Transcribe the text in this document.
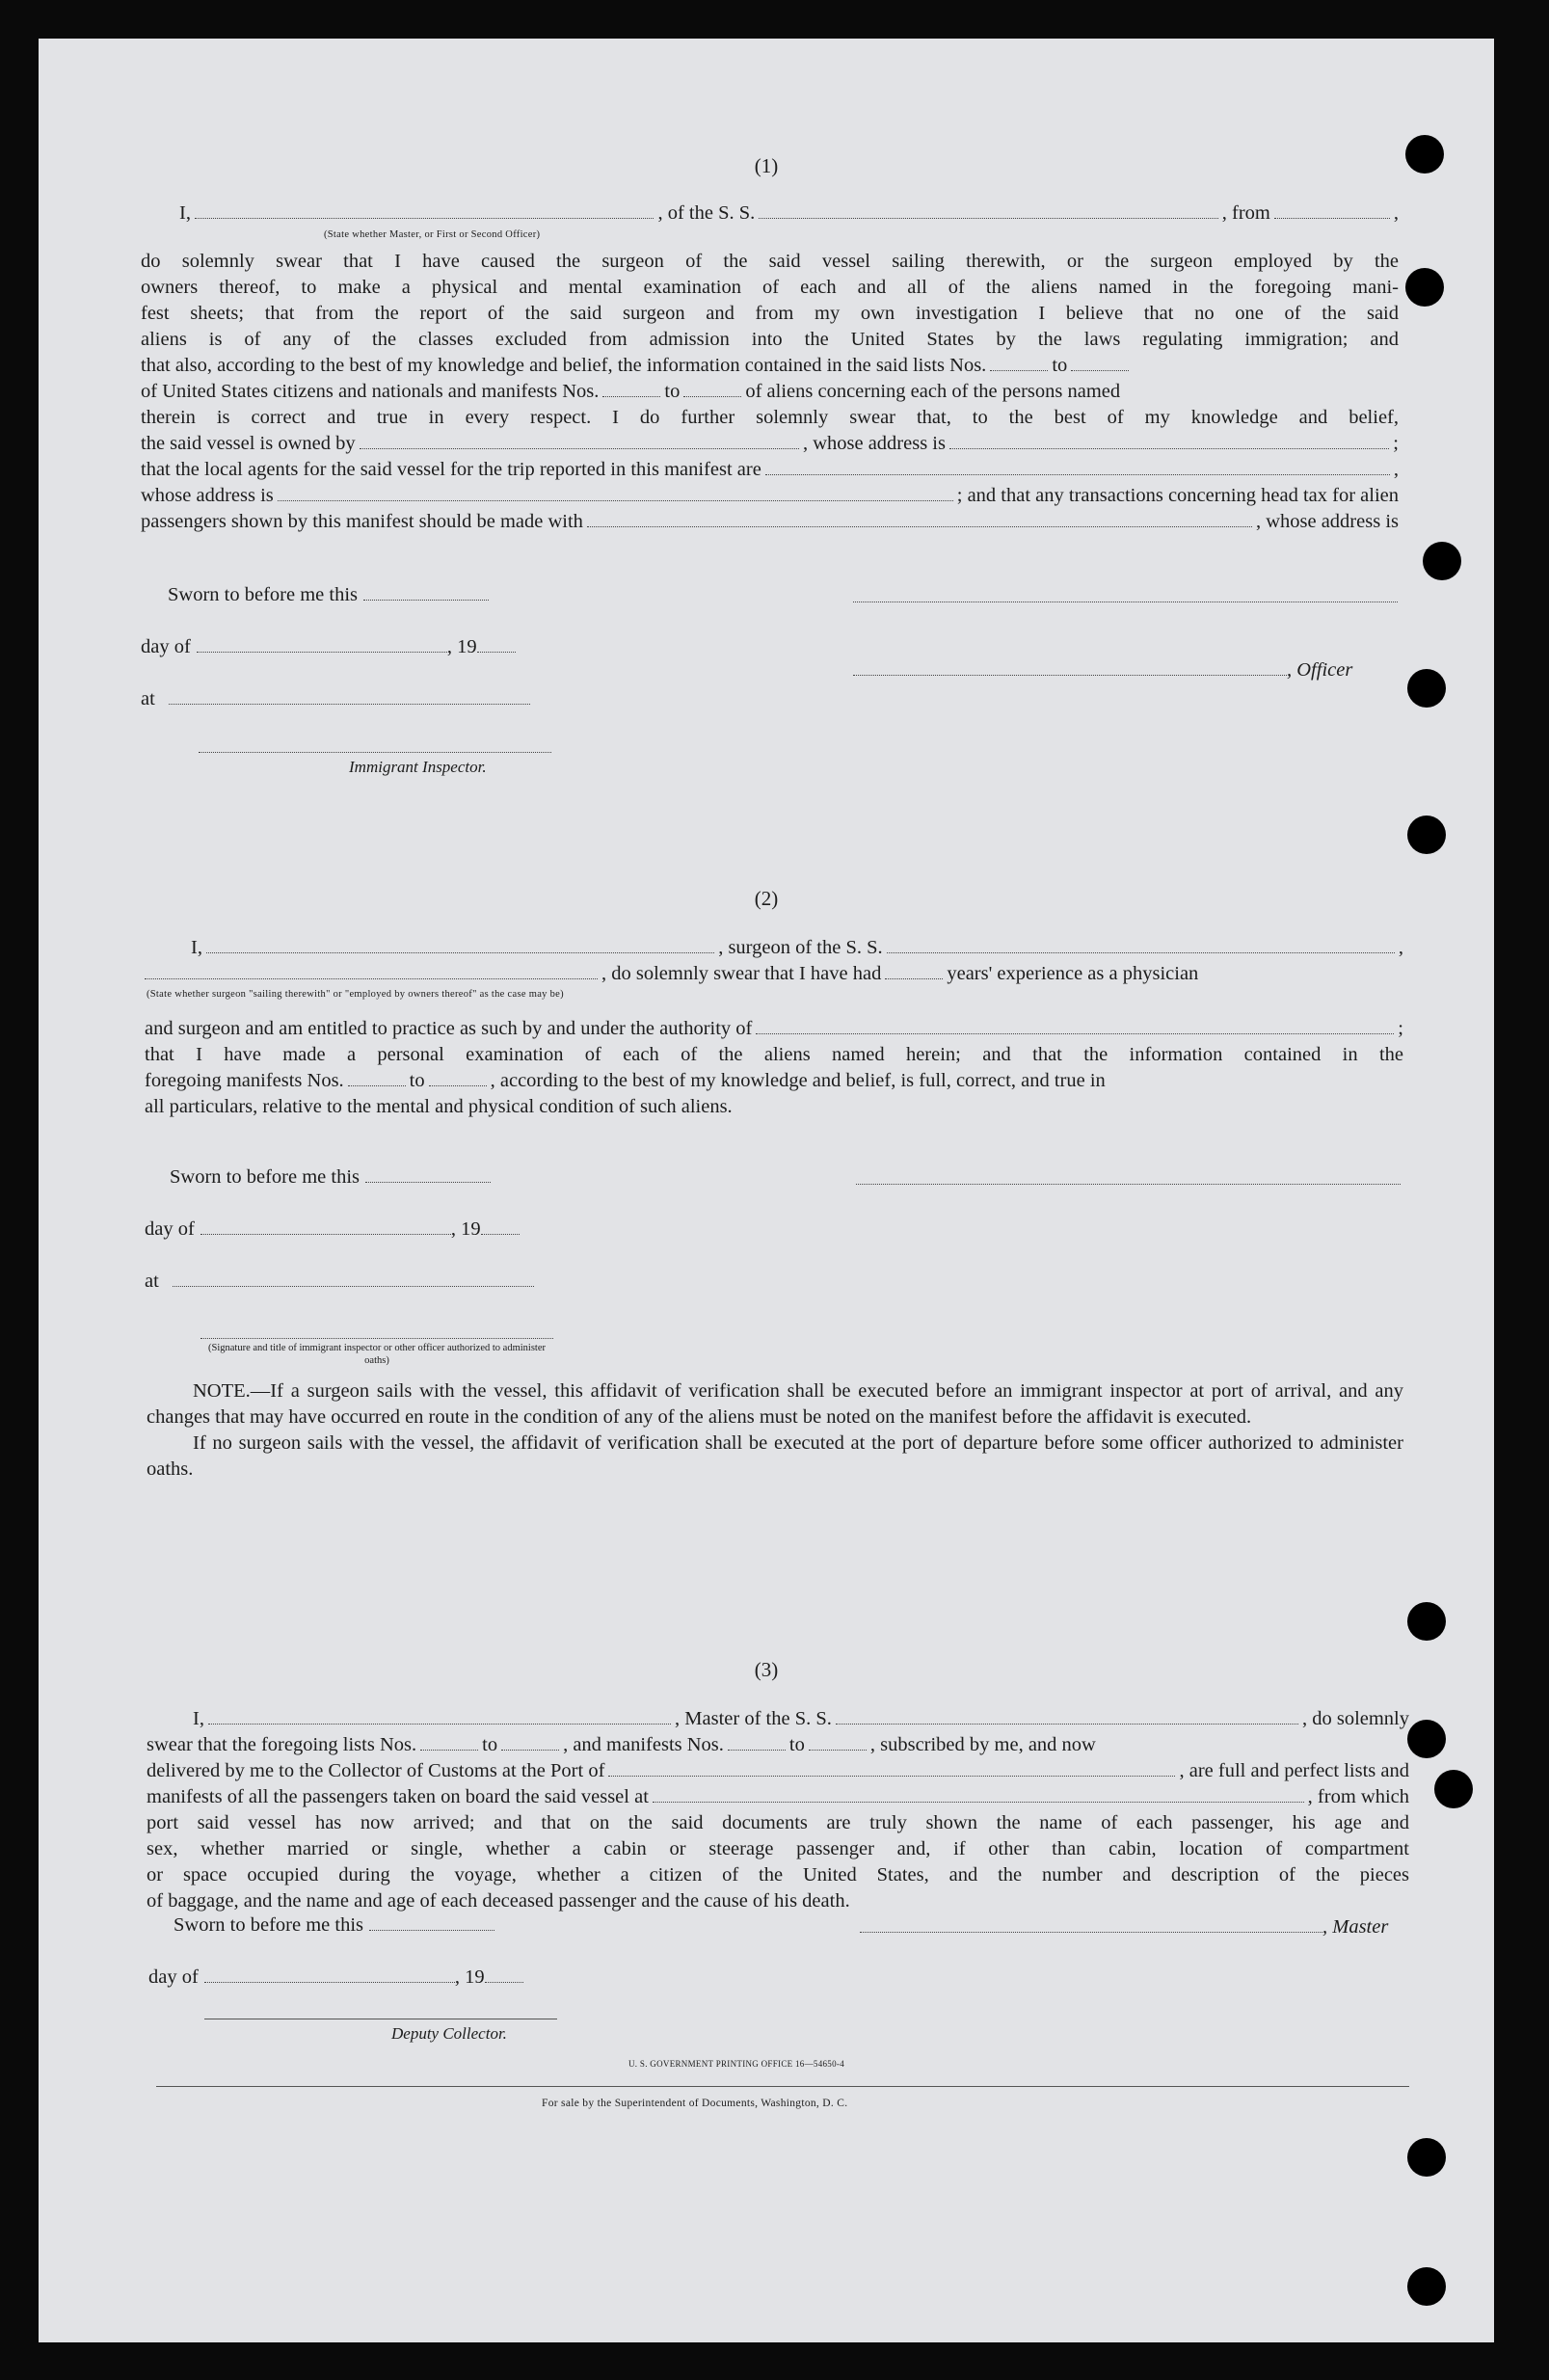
(1)
I,	, of the S. S.	, from	,
(State whether Master, or First or Second Officer)
do solemnly swear that I have caused the surgeon of the said vessel sailing therewith, or the surgeon employed by the
owners thereof, to make a physical and mental examination of each and all of the aliens named in the foregoing mani-
fest sheets; that from the report of the said surgeon and from my own investigation I believe that no one of the said
aliens is of any of the classes excluded from admission into the United States by the laws regulating immigration; and
that also, according to the best of my knowledge and belief, the information contained in the said lists Nos.	to
of United States citizens and nationals and manifests Nos.	to	of aliens concerning each of the persons named
therein is correct and true in every respect. I do further solemnly swear that, to the best of my knowledge and belief,
the said vessel is owned by	, whose address is	;
that the local agents for the said vessel for the trip reported in this manifest are	,
whose address is	; and that any transactions concerning head tax for alien
passengers shown by this manifest should be made with	, whose address is
Sworn to before me this
day of	, 19
, Officer
at
Immigrant Inspector.
(2)
I,	, surgeon of the S. S.	,
, do solemnly swear that I have had	years' experience as a physician
(State whether surgeon "sailing therewith" or "employed by owners thereof" as the case may be)
and surgeon and am entitled to practice as such by and under the authority of	;
that I have made a personal examination of each of the aliens named herein; and that the information contained in the
foregoing manifests Nos.	to	, according to the best of my knowledge and belief, is full, correct, and true in
all particulars, relative to the mental and physical condition of such aliens.
Sworn to before me this
day of	, 19
at
(Signature and title of immigrant inspector or other officer authorized to administer oaths)
NOTE.—If a surgeon sails with the vessel, this affidavit of verification shall be executed before an immigrant inspector at port of arrival, and any changes that may have occurred en route in the condition of any of the aliens must be noted on the manifest before the affidavit is executed.
If no surgeon sails with the vessel, the affidavit of verification shall be executed at the port of departure before some officer authorized to administer oaths.
(3)
I,	, Master of the S. S.	, do solemnly
swear that the foregoing lists Nos.	to	, and manifests Nos.	to	, subscribed by me, and now
delivered by me to the Collector of Customs at the Port of	, are full and perfect lists and
manifests of all the passengers taken on board the said vessel at	, from which
port said vessel has now arrived; and that on the said documents are truly shown the name of each passenger, his age and
sex, whether married or single, whether a cabin or steerage passenger and, if other than cabin, location of compartment
or space occupied during the voyage, whether a citizen of the United States, and the number and description of the pieces
of baggage, and the name and age of each deceased passenger and the cause of his death.
Sworn to before me this	, Master
day of	, 19
Deputy Collector.
U. S. GOVERNMENT PRINTING OFFICE 16—54650-4
For sale by the Superintendent of Documents, Washington, D. C.
